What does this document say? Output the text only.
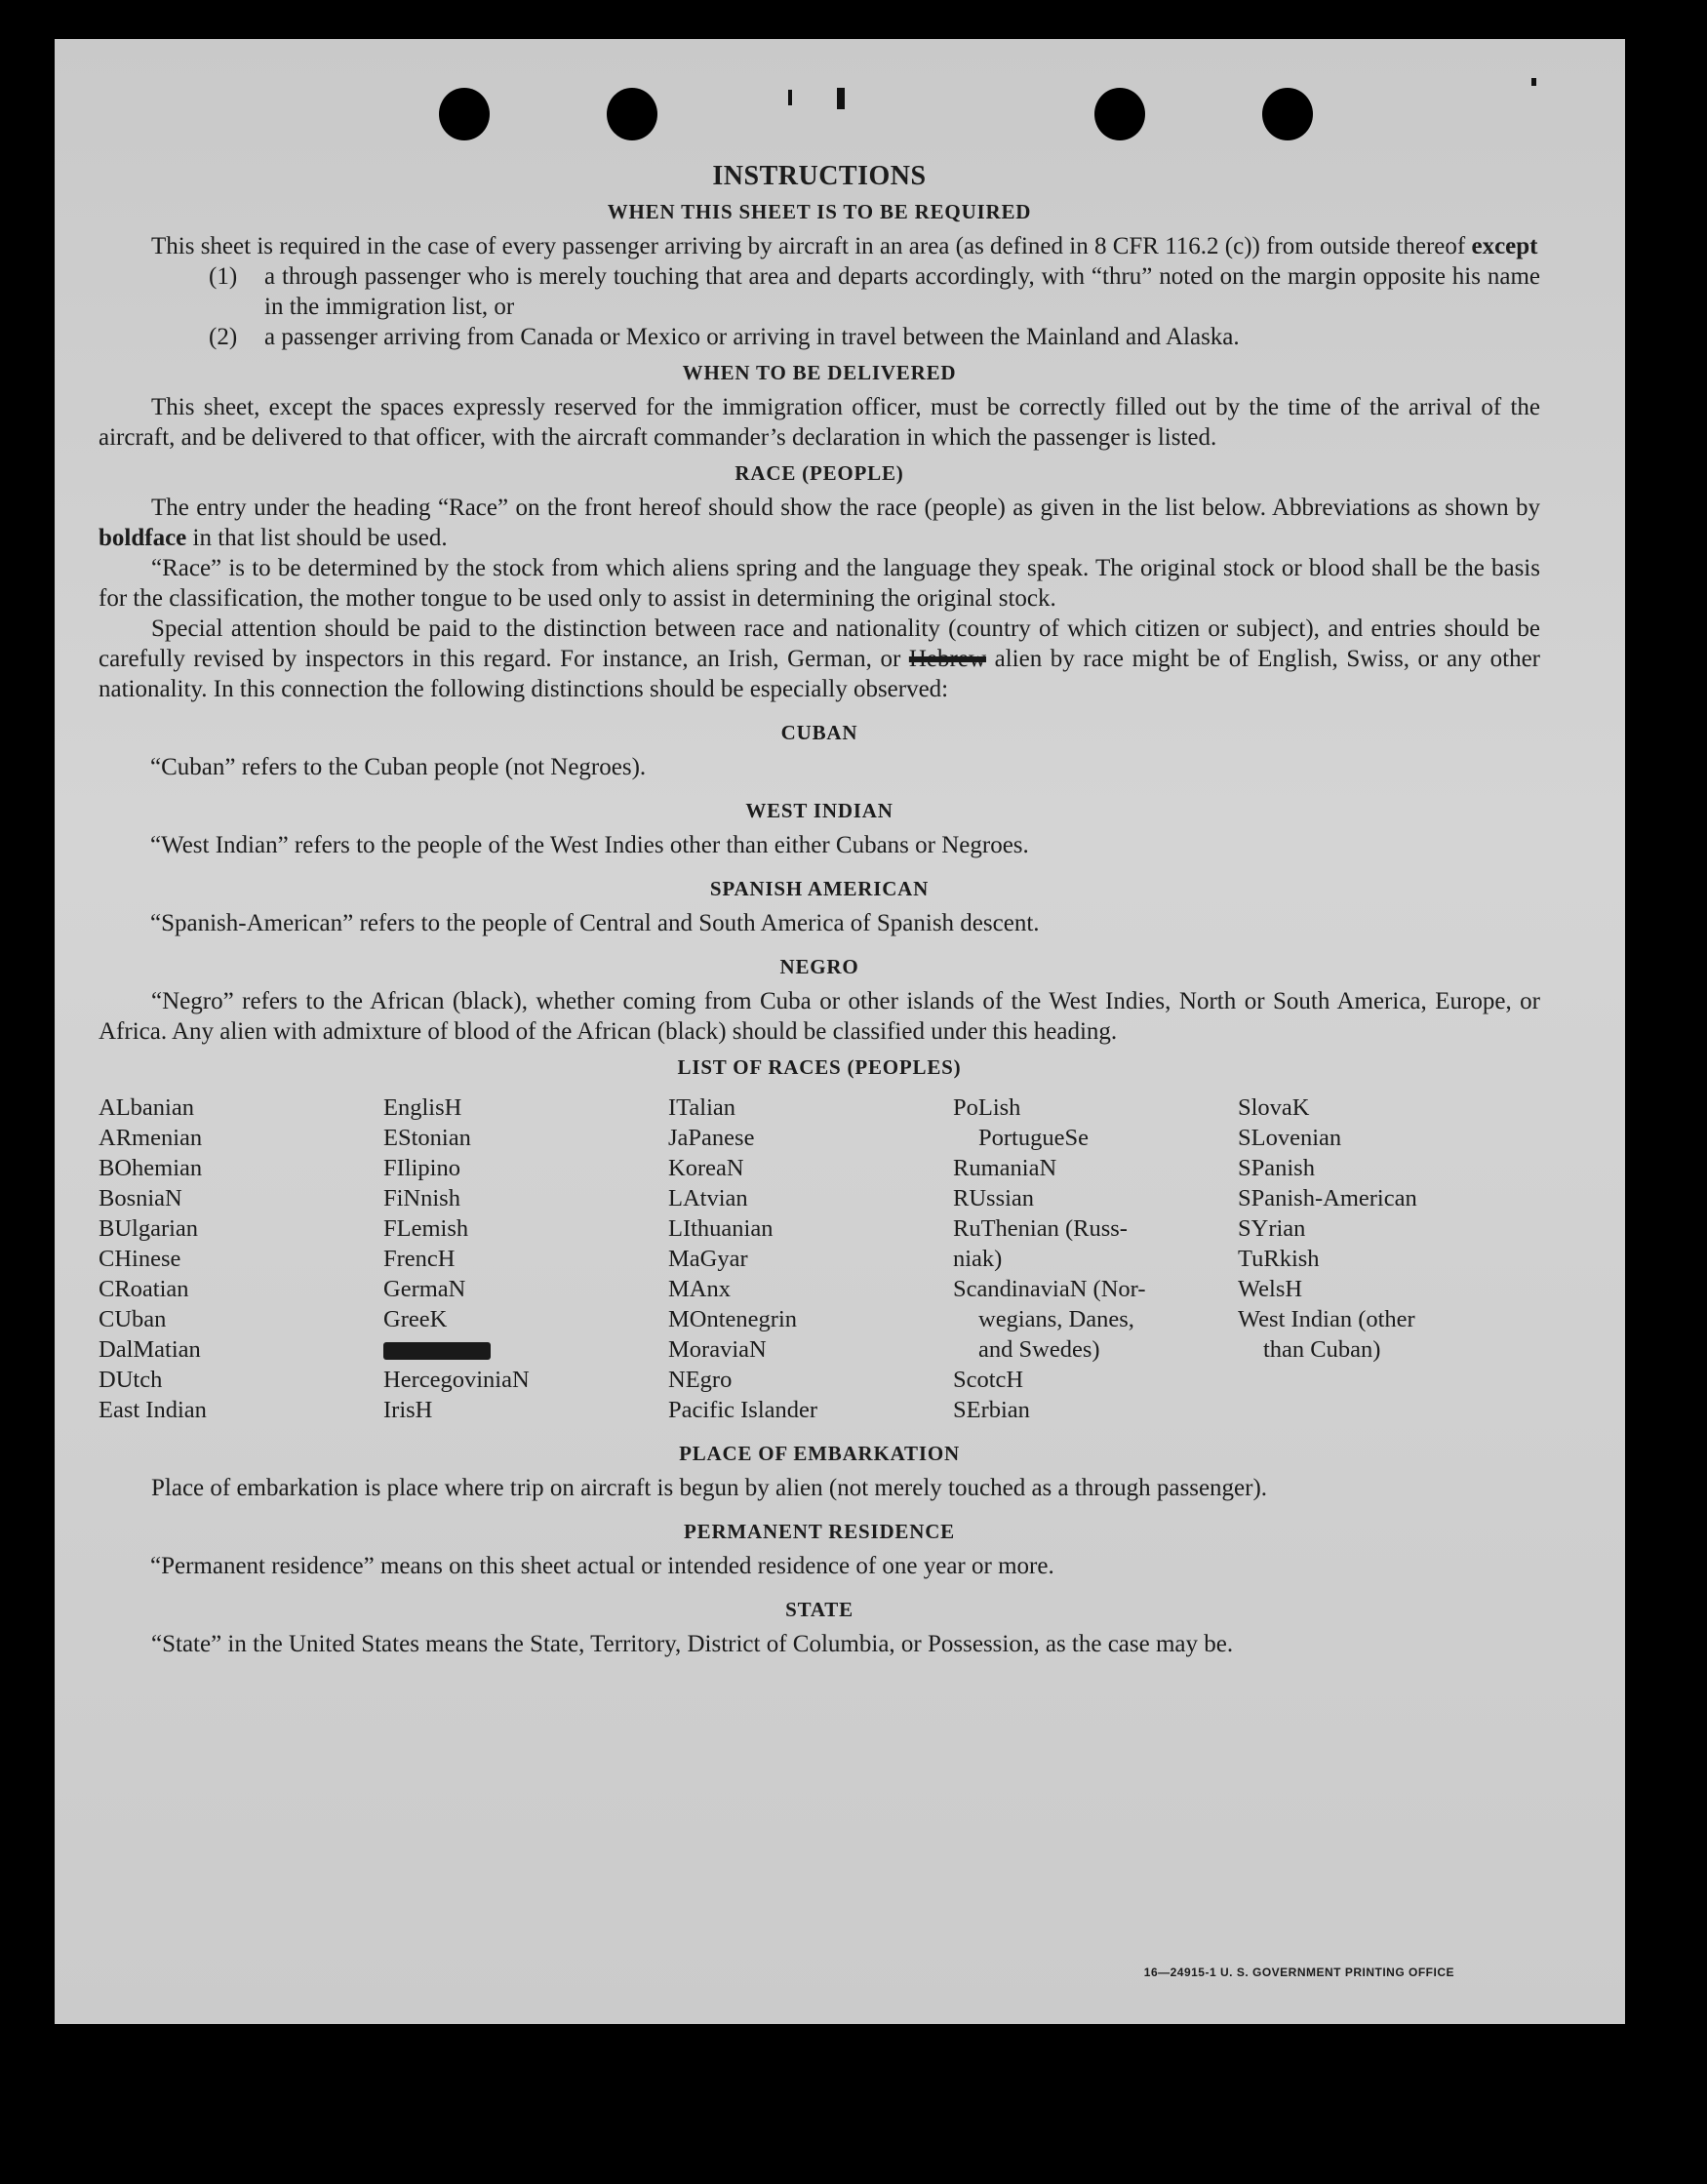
INSTRUCTIONS
WHEN THIS SHEET IS TO BE REQUIRED

This sheet is required in the case of every passenger arriving by aircraft in an area (as defined in 8 CFR 116.2 (c)) from outside thereof except

(1)	a through passenger who is merely touching that area and departs accordingly, with “thru” noted on the margin opposite his name in the immigration list, or
(2)	a passenger arriving from Canada or Mexico or arriving in travel between the Mainland and Alaska.
WHEN TO BE DELIVERED

This sheet, except the spaces expressly reserved for the immigration officer, must be correctly filled out by the time of the arrival of the aircraft, and be delivered to that officer, with the aircraft commander’s declaration in which the passenger is listed.

RACE (PEOPLE)

The entry under the heading “Race” on the front hereof should show the race (people) as given in the list below. Abbreviations as shown by boldface in that list should be used.

“Race” is to be determined by the stock from which aliens spring and the language they speak. The original stock or blood shall be the basis for the classification, the mother tongue to be used only to assist in determining the original stock.

Special attention should be paid to the distinction between race and nationality (country of which citizen or subject), and entries should be carefully revised by inspectors in this regard. For instance, an Irish, German, or Hebrew alien by race might be of English, Swiss, or any other nationality. In this connection the following distinctions should be especially observed:

CUBAN

“Cuban” refers to the Cuban people (not Negroes).

WEST INDIAN

“West Indian” refers to the people of the West Indies other than either Cubans or Negroes.

SPANISH AMERICAN

“Spanish-American” refers to the people of Central and South America of Spanish descent.

NEGRO

“Negro” refers to the African (black), whether coming from Cuba or other islands of the West Indies, North or South America, Europe, or Africa. Any alien with admixture of blood of the African (black) should be classified under this heading.

LIST OF RACES (PEOPLES)
ALbanian
ARmenian
BOhemian
BosniaN
BUlgarian
CHinese
CRoatian
CUban
DalMatian
DUtch
East Indian
EnglisH
EStonian
FIlipino
FiNnish
FLemish
FrencH
GermaN
GreeK
HercegoviniaN
IrisH
ITalian
JaPanese
KoreaN
LAtvian
LIthuanian
MaGyar
MAnx
MOntenegrin
MoraviaN
NEgro
Pacific Islander
PoLish
PortugueSe
RumaniaN
RUssian
RuThenian (Russ-
niak)
ScandinaviaN (Nor-
wegians, Danes,
and Swedes)
ScotcH
SErbian
SlovaK
SLovenian
SPanish
SPanish-American
SYrian
TuRkish
WelsH
West Indian (other
than Cuban)
PLACE OF EMBARKATION

Place of embarkation is place where trip on aircraft is begun by alien (not merely touched as a through passenger).

PERMANENT RESIDENCE

“Permanent residence” means on this sheet actual or intended residence of one year or more.

STATE

“State” in the United States means the State, Territory, District of Columbia, or Possession, as the case may be.

16—24915-1 U. S. GOVERNMENT PRINTING OFFICE
